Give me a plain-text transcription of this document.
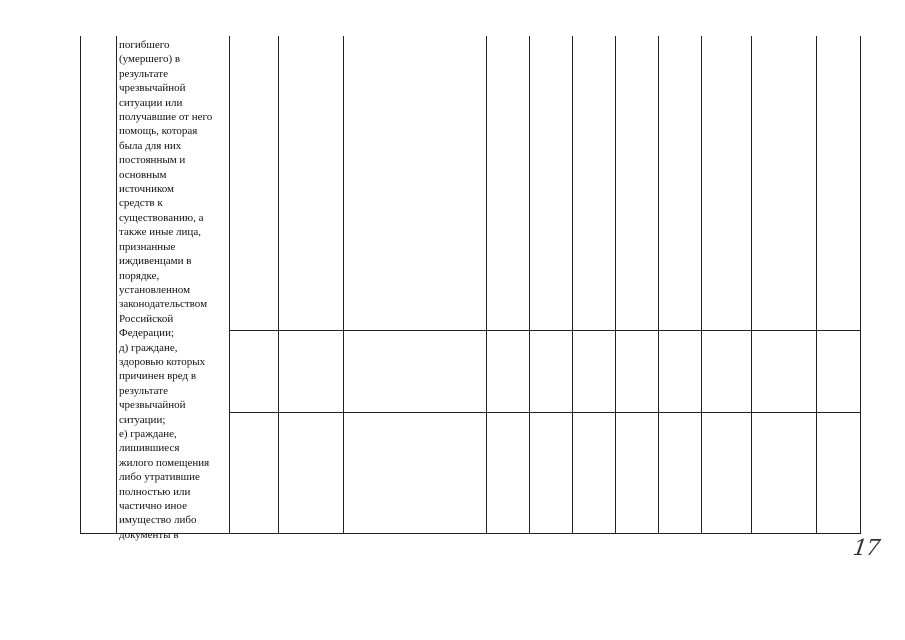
погибшего
(умершего) в
результате
чрезвычайной
ситуации или
получавшие от него
помощь, которая
была для них
постоянным и
основным
источником
средств к
существованию, а
также иные лица,
признанные
иждивенцами в
порядке,
установленном
законодательством
Российской
Федерации;
д) граждане,
здоровью которых
причинен вред в
результате
чрезвычайной
ситуации;
е) граждане,
лишившиеся
жилого помещения
либо утратившие
полностью или
частично иное
имущество либо
документы в
17
